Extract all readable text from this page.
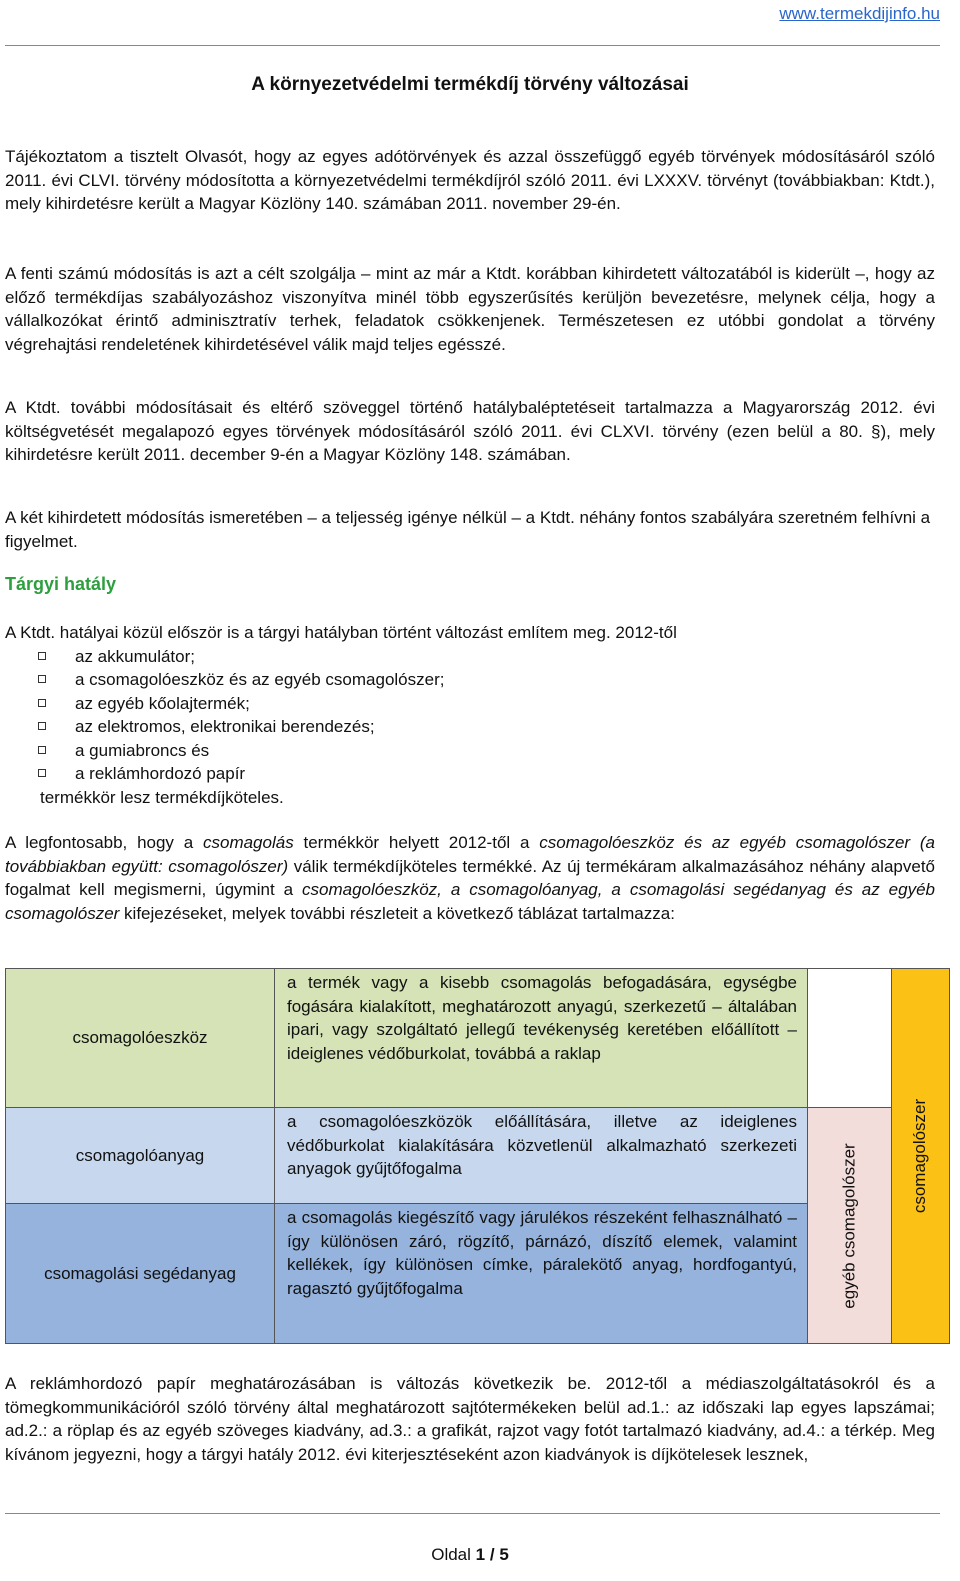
www.termekdijinfo.hu
A környezetvédelmi termékdíj törvény változásai
Tájékoztatom a tisztelt Olvasót, hogy az egyes adótörvények és azzal összefüggő egyéb törvények módosításáról szóló 2011. évi CLVI. törvény módosította a környezetvédelmi termékdíjról szóló 2011. évi LXXXV. törvényt (továbbiakban: Ktdt.), mely kihirdetésre került a Magyar Közlöny 140. számában 2011. november 29-én.
A fenti számú módosítás is azt a célt szolgálja – mint az már a Ktdt. korábban kihirdetett változatából is kiderült –, hogy az előző termékdíjas szabályozáshoz viszonyítva minél több egyszerűsítés kerüljön bevezetésre, melynek célja, hogy a vállalkozókat érintő adminisztratív terhek, feladatok csökkenjenek. Természetesen ez utóbbi gondolat a törvény végrehajtási rendeletének kihirdetésével válik majd teljes egésszé.
A Ktdt. további módosításait és eltérő szöveggel történő hatálybaléptetéseit tartalmazza a Magyarország 2012. évi költségvetését megalapozó egyes törvények módosításáról szóló 2011. évi CLXVI. törvény (ezen belül a 80. §), mely kihirdetésre került 2011. december 9-én a Magyar Közlöny 148. számában.
A két kihirdetett módosítás ismeretében – a teljesség igénye nélkül – a Ktdt. néhány fontos szabályára szeretném felhívni a figyelmet.
Tárgyi hatály
A Ktdt. hatályai közül először is a tárgyi hatályban történt változást említem meg. 2012-től
az akkumulátor;
a csomagolóeszköz és az egyéb csomagolószer;
az egyéb kőolajtermék;
az elektromos, elektronikai berendezés;
a gumiabroncs és
a reklámhordozó papír
termékkör lesz termékdíjköteles.
A legfontosabb, hogy a csomagolás termékkör helyett 2012-től a csomagolóeszköz és az egyéb csomagolószer (a továbbiakban együtt: csomagolószer) válik termékdíjköteles termékké. Az új termékáram alkalmazásához néhány alapvető fogalmat kell megismerni, úgymint a csomagolóeszköz, a csomagolóanyag, a csomagolási segédanyag és az egyéb csomagolószer kifejezéseket, melyek további részleteit a következő táblázat tartalmazza:
csomagolóeszköz
a termék vagy a kisebb csomagolás befogadására, egységbe fogására kialakított, meghatározott anyagú, szerkezetű – általában ipari, vagy szolgáltató jellegű tevékenység keretében előállított – ideiglenes védőburkolat, továbbá a raklap
csomagolóanyag
a csomagolóeszközök előállítására, illetve az ideiglenes védőburkolat kialakítására közvetlenül alkalmazható szerkezeti anyagok gyűjtőfogalma
csomagolási segédanyag
a csomagolás kiegészítő vagy járulékos részeként felhasználható – így különösen záró, rögzítő, párnázó, díszítő elemek, valamint kellékek, így különösen címke, páralekötő anyag, hordfogantyú, ragasztó gyűjtőfogalma	egyéb csomagolószer	csomagolószer
A reklámhordozó papír meghatározásában is változás következik be. 2012-től a médiaszolgáltatásokról és a tömegkommunikációról szóló törvény által meghatározott sajtótermékeken belül ad.1.: az időszaki lap egyes lapszámai; ad.2.: a röplap és az egyéb szöveges kiadvány, ad.3.: a grafikát, rajzot vagy fotót tartalmazó kiadvány, ad.4.: a térkép. Meg kívánom jegyezni, hogy a tárgyi hatály 2012. évi kiterjesztéseként azon kiadványok is díjkötelesek lesznek,
Oldal 1 / 5
